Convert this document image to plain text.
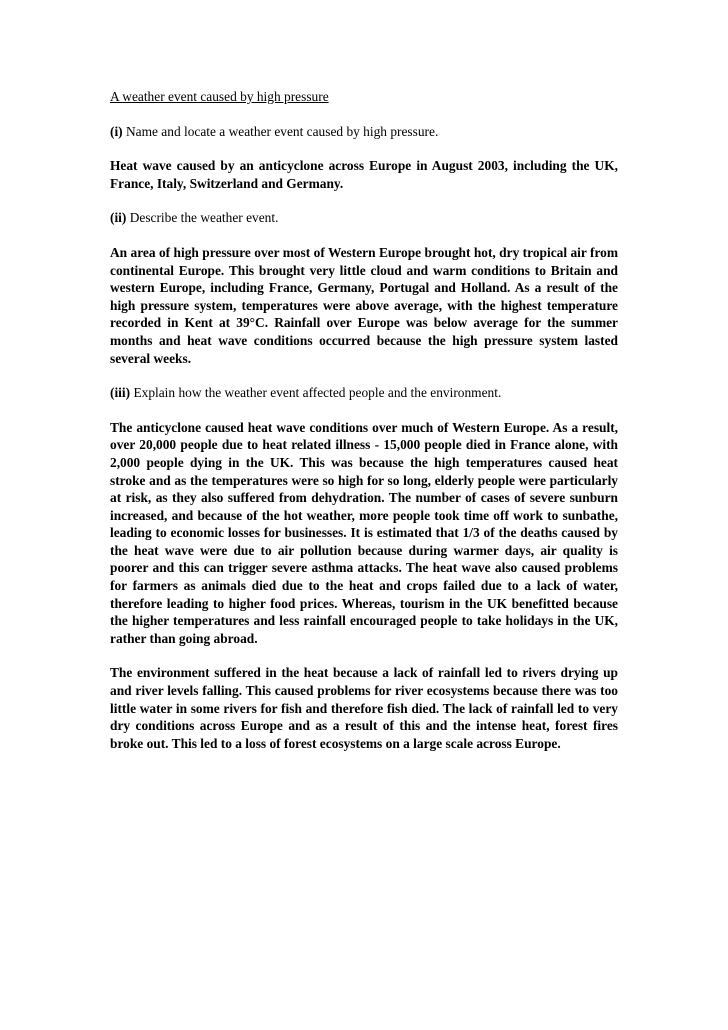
A weather event caused by high pressure
(i) Name and locate a weather event caused by high pressure.
Heat wave caused by an anticyclone across Europe in August 2003, including the UK, France, Italy, Switzerland and Germany.
(ii) Describe the weather event.
An area of high pressure over most of Western Europe brought hot, dry tropical air from continental Europe. This brought very little cloud and warm conditions to Britain and western Europe, including France, Germany, Portugal and Holland. As a result of the high pressure system, temperatures were above average, with the highest temperature recorded in Kent at 39°C. Rainfall over Europe was below average for the summer months and heat wave conditions occurred because the high pressure system lasted several weeks.
(iii) Explain how the weather event affected people and the environment.
The anticyclone caused heat wave conditions over much of Western Europe. As a result, over 20,000 people due to heat related illness - 15,000 people died in France alone, with 2,000 people dying in the UK. This was because the high temperatures caused heat stroke and as the temperatures were so high for so long, elderly people were particularly at risk, as they also suffered from dehydration. The number of cases of severe sunburn increased, and because of the hot weather, more people took time off work to sunbathe, leading to economic losses for businesses. It is estimated that 1/3 of the deaths caused by the heat wave were due to air pollution because during warmer days, air quality is poorer and this can trigger severe asthma attacks. The heat wave also caused problems for farmers as animals died due to the heat and crops failed due to a lack of water, therefore leading to higher food prices. Whereas, tourism in the UK benefitted because the higher temperatures and less rainfall encouraged people to take holidays in the UK, rather than going abroad.
The environment suffered in the heat because a lack of rainfall led to rivers drying up and river levels falling. This caused problems for river ecosystems because there was too little water in some rivers for fish and therefore fish died. The lack of rainfall led to very dry conditions across Europe and as a result of this and the intense heat, forest fires broke out. This led to a loss of forest ecosystems on a large scale across Europe.
